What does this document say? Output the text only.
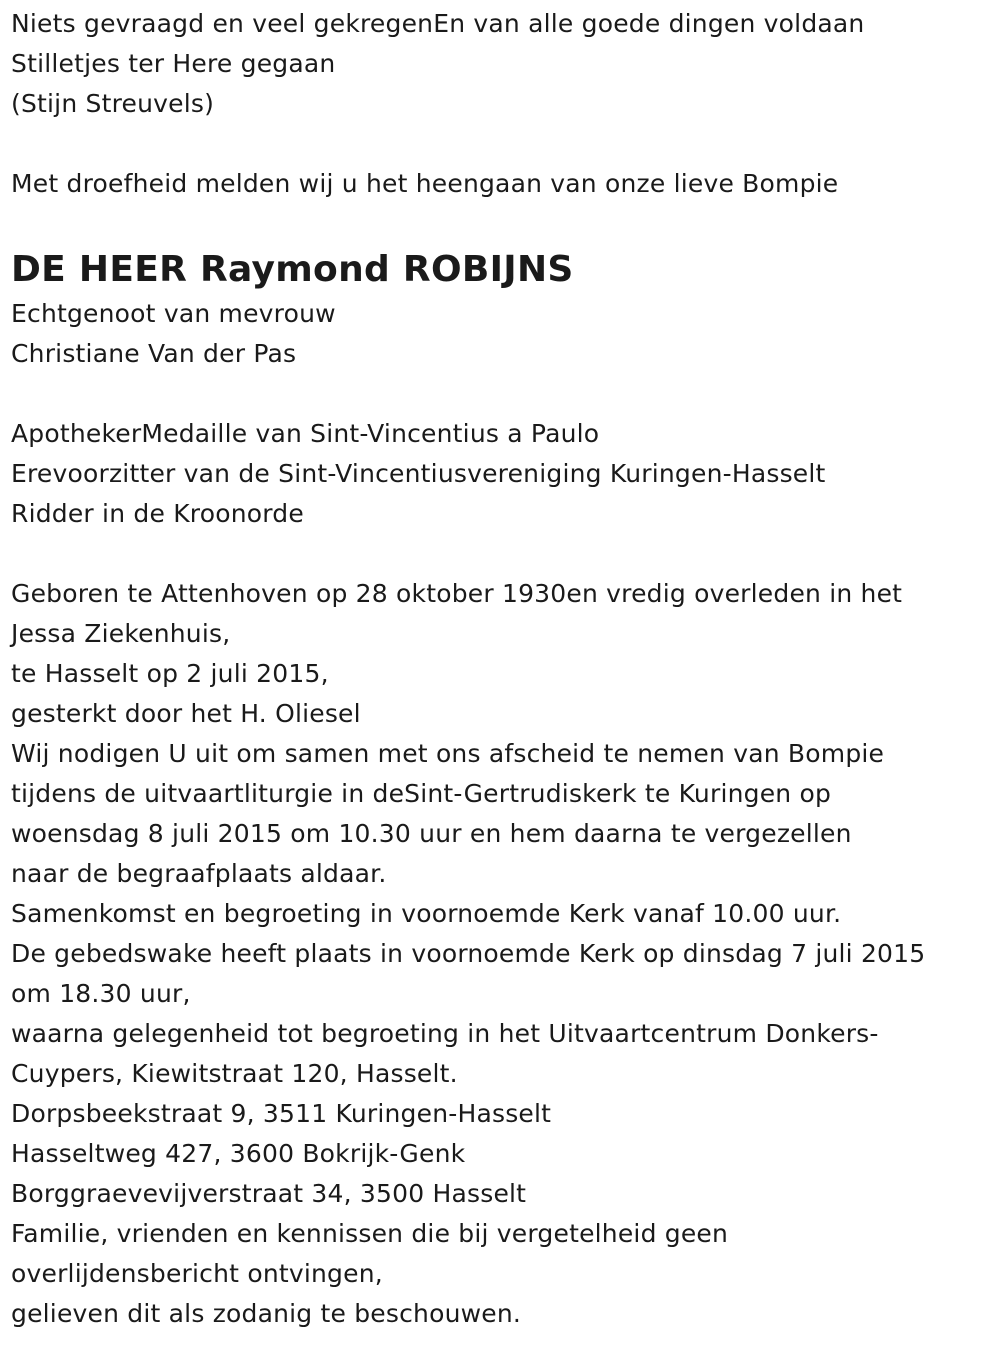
Niets gevraagd en veel gekregenEn van alle goede dingen voldaan
Stilletjes ter Here gegaan
(Stijn Streuvels)
Met droefheid melden wij u het heengaan van onze lieve Bompie
DE HEER Raymond ROBIJNS
Echtgenoot van mevrouw
Christiane Van der Pas
ApothekerMedaille van Sint-Vincentius a Paulo
Erevoorzitter van de Sint-Vincentiusvereniging Kuringen-Hasselt
Ridder in de Kroonorde
Geboren te Attenhoven op 28 oktober 1930en vredig overleden in het
Jessa Ziekenhuis,
te Hasselt op 2 juli 2015,
gesterkt door het H. Oliesel
Wij nodigen U uit om samen met ons afscheid te nemen van Bompie
tijdens de uitvaartliturgie in deSint-Gertrudiskerk te Kuringen op
woensdag 8 juli 2015 om 10.30 uur en hem daarna te vergezellen
naar de begraafplaats aldaar.
Samenkomst en begroeting in voornoemde Kerk vanaf 10.00 uur.
De gebedswake heeft plaats in voornoemde Kerk op dinsdag 7 juli 2015
om 18.30 uur,
waarna gelegenheid tot begroeting in het Uitvaartcentrum Donkers-
Cuypers, Kiewitstraat 120, Hasselt.
Dorpsbeekstraat 9, 3511 Kuringen-Hasselt
Hasseltweg 427, 3600 Bokrijk-Genk
Borggraevevijverstraat 34, 3500 Hasselt
Familie, vrienden en kennissen die bij vergetelheid geen
overlijdensbericht ontvingen,
gelieven dit als zodanig te beschouwen.
